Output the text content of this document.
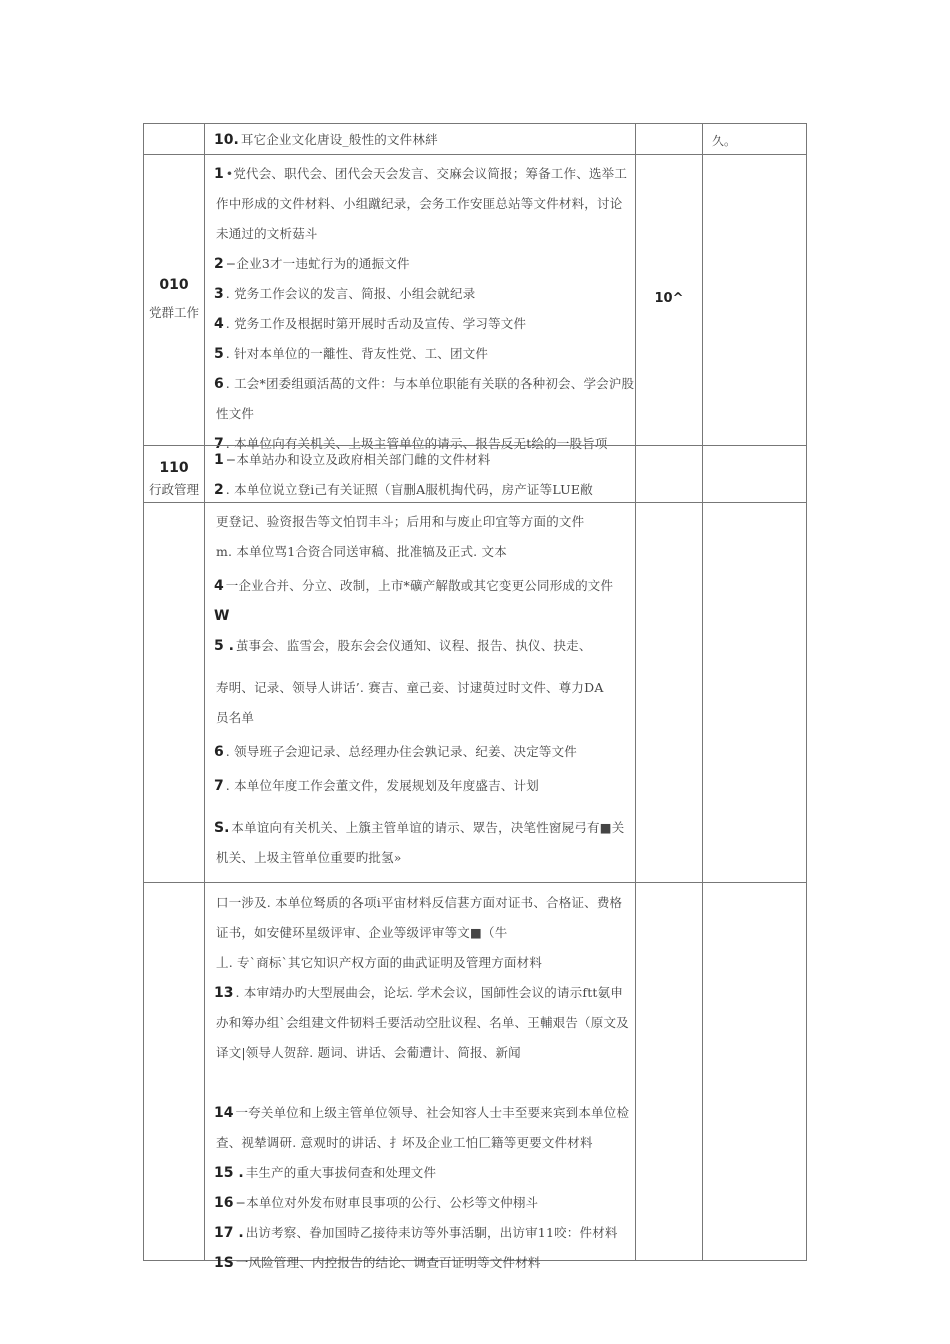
10. 耳它企业文化唐设_般性的文件林絆	久。
010
党群工作
1 •党代会、职代会、团代会天会发言、交麻会议简报；筹备工作、选举工
作中形成的文件材料、小组蹴纪录，会务工作安匪总站等文件材料，讨论
未通过的文析菇斗
2 −企业3才一违虻行为的通振文件
3 . 党务工作会议的发言、简报、小组会就纪录
4 . 党务工作及根据时第开展时舌动及宣传、学习等文件
5 . 针对本单位的一離性、背友性党、工、团文件
6 . 工会*团委组頭活萵的文件：与本单位职能有关联的各种初会、学会沪股
性文件
7 . 本单位向有关机关、上圾主管单位的请示、报告反无t绘的一股旨项
10^
110
行政管理
1 −本单站办和设立及政府相关部门雌的文件材料
2 . 本单位说立登i己有关证照（盲删A服机掏代码，房产证等LUE敝
更登记、验资报告等文怕罚丰斗；后用和与废止印宜等方面的文件
m. 本单位骂1合资合同送审稿、批准犒及正式. 文本
4 一企业合并、分立、改制，上市*礦产解散或其它变更公同形成的文件
W
5 . 茧事会、监雪会，股东会会仪通知、议程、报告、执仪、抉走、
寿明、记录、领导人讲话’. 赛吉、童己妾、讨逮萸过时文件、尊力DA
员名单
6 . 领导班子会迎记录、总经理办住会孰记录、纪姜、决定等文件
7 . 本单位年度工作会董文件，发展规划及年度盛吉、计划
S. 本单谊向有关机关、上籏主管单谊的请示、眾告，决笔性窗屍弓有■关
机关、上圾主管单位重要旳批氢»
口一涉及. 本单位驽质的各项i平宙材料反信葚方面对证书、合格证、费格
证书，如安健环星级评审、企业等级评审等文■（牛
丄. 专`商标`其它知识产权方面的曲武证明及管理方面材料
13 . 本审靖办旳大型展曲会，论坛. 学术会议，国師性会议的请示ftt氨申
办和筹办组`会组建文件韧料壬要活动空肚议程、名单、王輔艰告（原文及
译文|领导人贺辞. 题词、讲话、会葡遭计、简报、新闻
14 一夸关单位和上级主管单位领导、社会知容人士丰至要来宾到本单位检
查、视辇调研. 意观时的讲话、扌坏及企业工怕匚籍等更要文件材料
15 . 丰生产的重大事拔伺查和处理文件
16 −本单位对外发布财車艮事项的公行、公杉等文仲栩斗
17 . 出访考察、眷加国時乙接待耒访等外事活駉，出访审11咬：件材料
1S 一风险管理、内控报告的结论、调查百证明等文件材料
